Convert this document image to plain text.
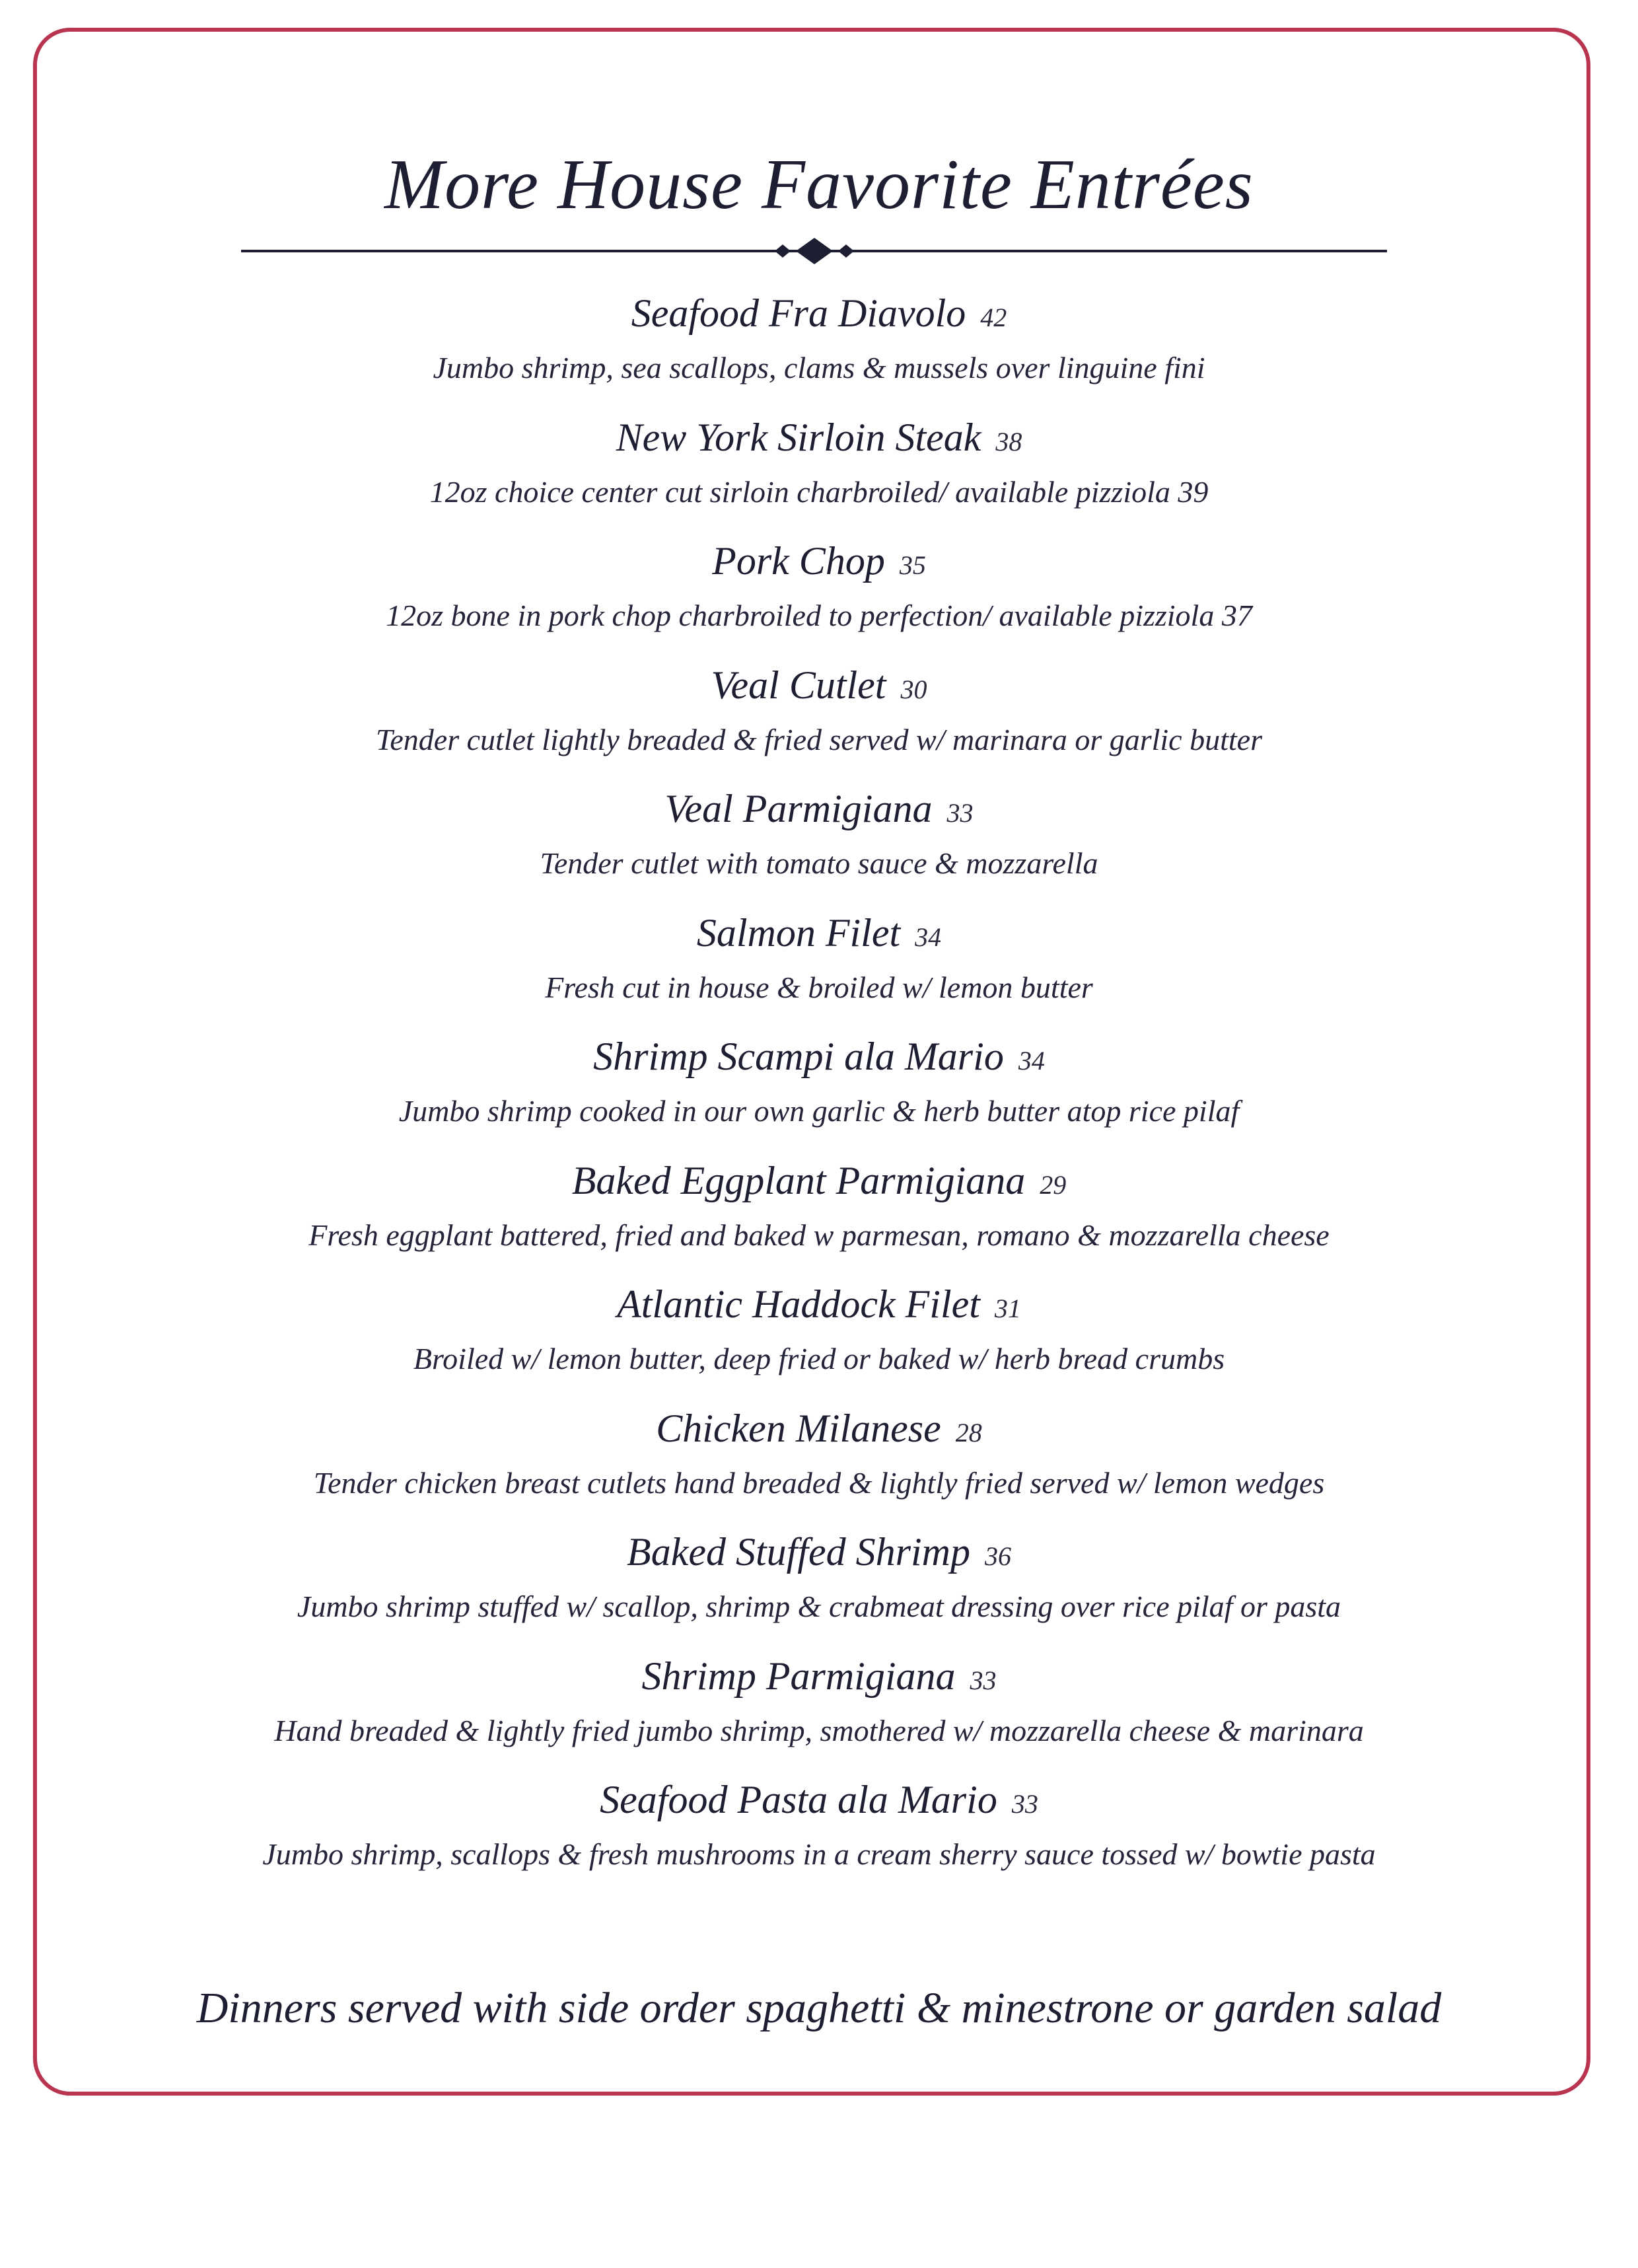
More House Favorite Entrées
Seafood Fra Diavolo 42
Jumbo shrimp, sea scallops, clams & mussels over linguine fini
New York Sirloin Steak 38
12oz choice center cut sirloin charbroiled/ available pizziola 39
Pork Chop 35
12oz bone in pork chop charbroiled to perfection/ available pizziola 37
Veal Cutlet 30
Tender cutlet lightly breaded & fried served w/ marinara or garlic butter
Veal Parmigiana 33
Tender cutlet with tomato sauce & mozzarella
Salmon Filet 34
Fresh cut in house & broiled w/ lemon butter
Shrimp Scampi ala Mario 34
Jumbo shrimp cooked in our own garlic & herb butter atop rice pilaf
Baked Eggplant Parmigiana 29
Fresh eggplant battered, fried and baked w parmesan, romano & mozzarella cheese
Atlantic Haddock Filet 31
Broiled w/ lemon butter, deep fried or baked w/ herb bread crumbs
Chicken Milanese 28
Tender chicken breast cutlets hand breaded & lightly fried served w/ lemon wedges
Baked Stuffed Shrimp 36
Jumbo shrimp stuffed w/ scallop, shrimp & crabmeat dressing over rice pilaf or pasta
Shrimp Parmigiana 33
Hand breaded & lightly fried jumbo shrimp, smothered w/ mozzarella cheese & marinara
Seafood Pasta ala Mario 33
Jumbo shrimp, scallops & fresh mushrooms in a cream sherry sauce tossed w/ bowtie pasta
Dinners served with side order spaghetti & minestrone or garden salad
